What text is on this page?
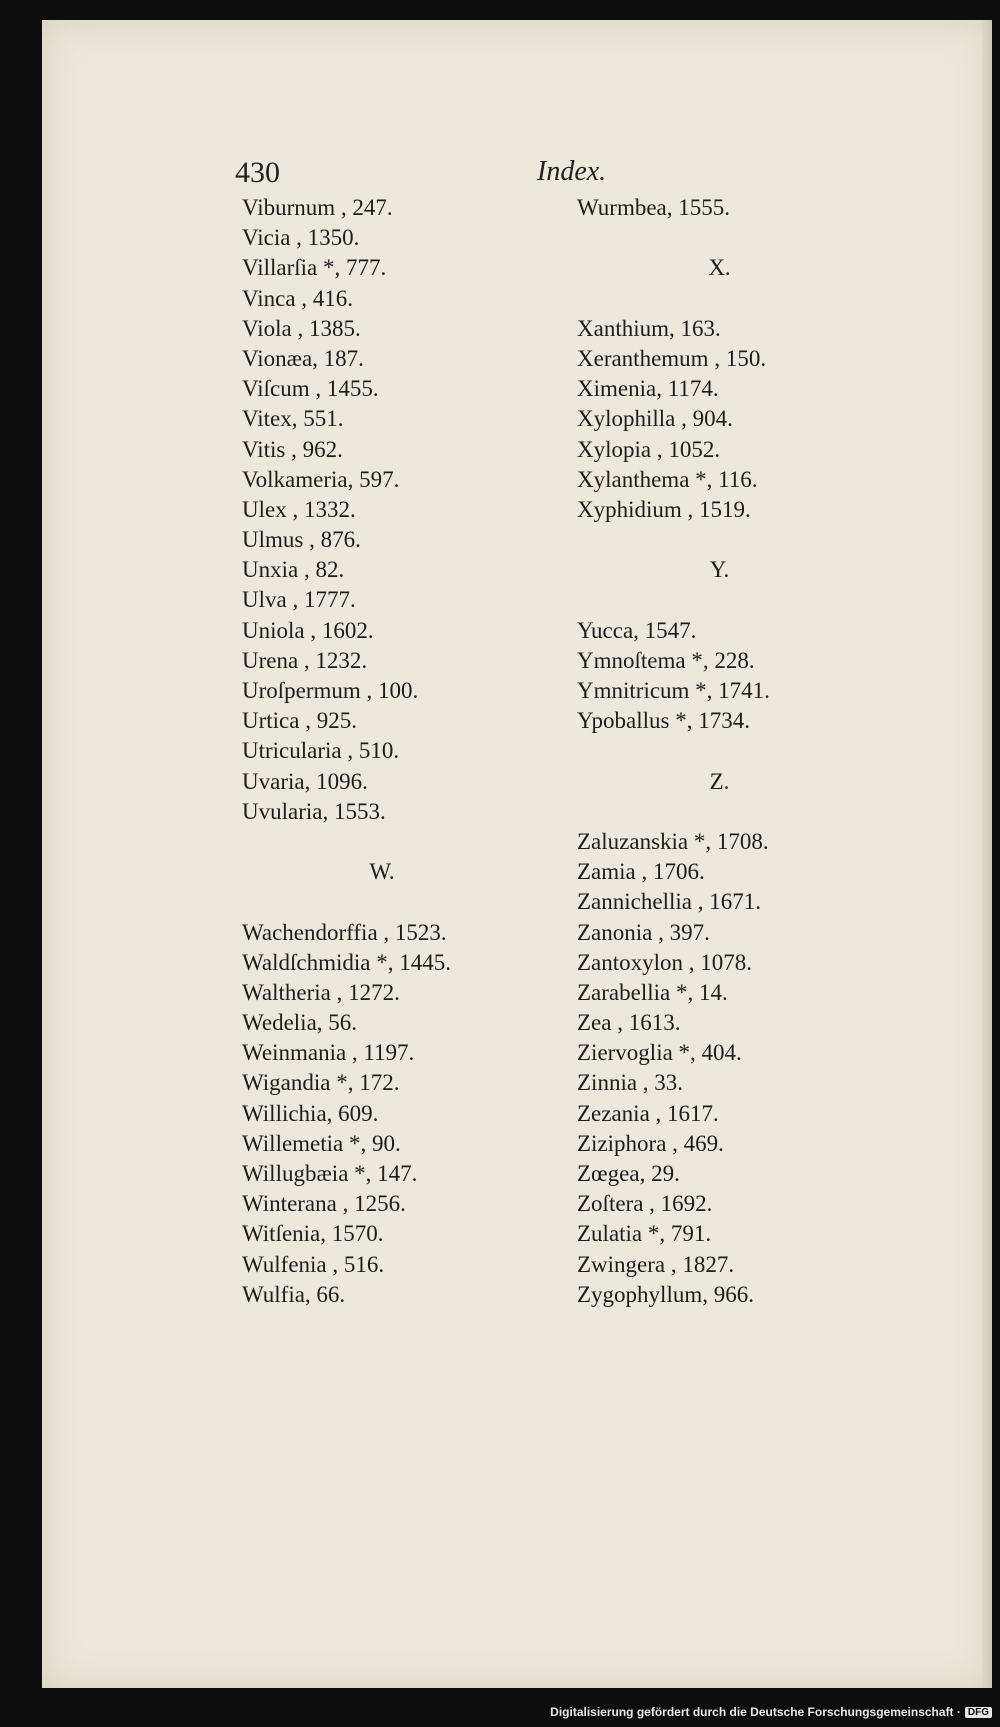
430	Index.
Viburnum , 247.
Vicia , 1350.
Villarſia *, 777.
Vinca , 416.
Viola , 1385.
Vionæa, 187.
Viſcum , 1455.
Vitex, 551.
Vitis , 962.
Volkameria, 597.
Ulex , 1332.
Ulmus , 876.
Unxia , 82.
Ulva , 1777.
Uniola , 1602.
Urena , 1232.
Uroſpermum , 100.
Urtica , 925.
Utricularia , 510.
Uvaria, 1096.
Uvularia, 1553.
W.
Wachendorffia , 1523.
Waldſchmidia *, 1445.
Waltheria , 1272.
Wedelia, 56.
Weinmania , 1197.
Wigandia *, 172.
Willichia, 609.
Willemetia *, 90.
Willugbæia *, 147.
Winterana , 1256.
Witſenia, 1570.
Wulfenia , 516.
Wulfia, 66.
Wurmbea, 1555.
X.
Xanthium, 163.
Xeranthemum , 150.
Ximenia, 1174.
Xylophilla , 904.
Xylopia , 1052.
Xylanthema *, 116.
Xyphidium , 1519.
Y.
Yucca, 1547.
Ymnoſtema *, 228.
Ymnitricum *, 1741.
Ypoballus *, 1734.
Z.
Zaluzanskia *, 1708.
Zamia , 1706.
Zannichellia , 1671.
Zanonia , 397.
Zantoxylon , 1078.
Zarabellia *, 14.
Zea , 1613.
Ziervoglia *, 404.
Zinnia , 33.
Zezania , 1617.
Ziziphora , 469.
Zœgea, 29.
Zoſtera , 1692.
Zulatia *, 791.
Zwingera , 1827.
Zygophyllum, 966.
Digitalisierung gefördert durch die Deutsche Forschungsgemeinschaft · DFG
